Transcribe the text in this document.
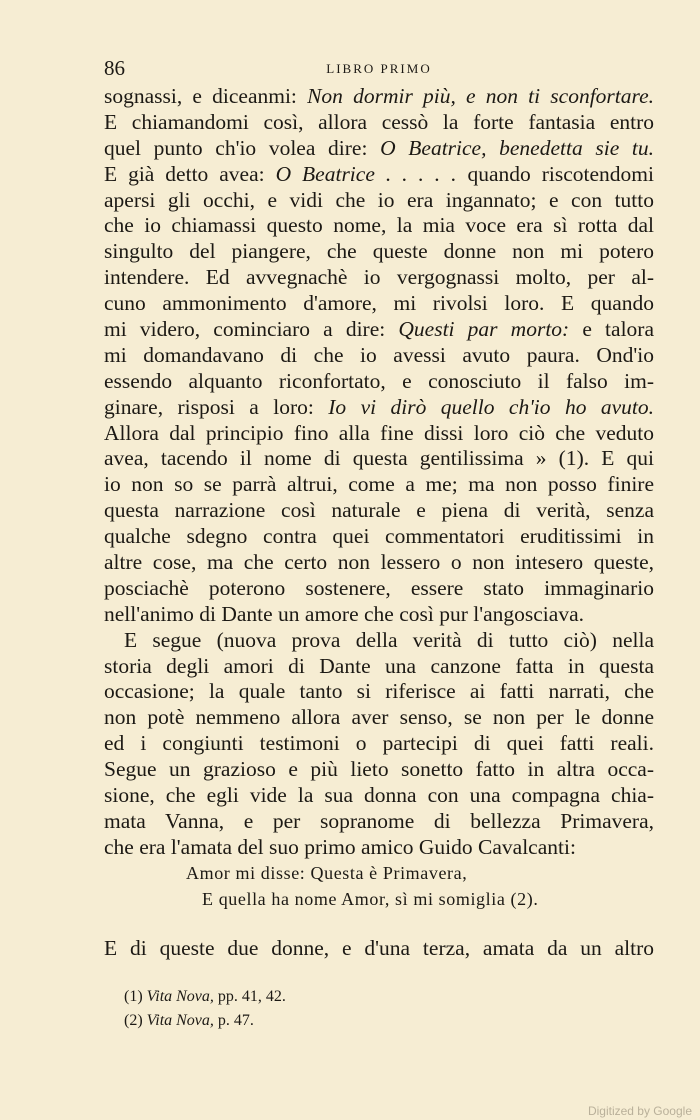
86	LIBRO PRIMO
sognassi, e diceanmi: Non dormir più, e non ti sconfortare.
E chiamandomi così, allora cessò la forte fantasia entro
quel punto ch'io volea dire: O Beatrice, benedetta sie tu.
E già detto avea: O Beatrice . . . . . quando riscotendomi
apersi gli occhi, e vidi che io era ingannato; e con tutto
che io chiamassi questo nome, la mia voce era sì rotta dal
singulto del piangere, che queste donne non mi potero
intendere. Ed avvegnachè io vergognassi molto, per al-
cuno ammonimento d'amore, mi rivolsi loro. E quando
mi videro, cominciaro a dire: Questi par morto: e talora
mi domandavano di che io avessi avuto paura. Ond'io
essendo alquanto riconfortato, e conosciuto il falso im-
ginare, risposi a loro: Io vi dirò quello ch'io ho avuto.
Allora dal principio fino alla fine dissi loro ciò che veduto
avea, tacendo il nome di questa gentilissima » (1). E qui
io non so se parrà altrui, come a me; ma non posso finire
questa narrazione così naturale e piena di verità, senza
qualche sdegno contra quei commentatori eruditissimi in
altre cose, ma che certo non lessero o non intesero queste,
posciachè poterono sostenere, essere stato immaginario
nell'animo di Dante un amore che così pur l'angosciava.
E segue (nuova prova della verità di tutto ciò) nella
storia degli amori di Dante una canzone fatta in questa
occasione; la quale tanto si riferisce ai fatti narrati, che
non potè nemmeno allora aver senso, se non per le donne
ed i congiunti testimoni o partecipi di quei fatti reali.
Segue un grazioso e più lieto sonetto fatto in altra occa-
sione, che egli vide la sua donna con una compagna chia-
mata Vanna, e per sopranome di bellezza Primavera,
che era l'amata del suo primo amico Guido Cavalcanti:
Amor mi disse: Questa è Primavera,
E quella ha nome Amor, sì mi somiglia (2).
E di queste due donne, e d'una terza, amata da un altro
(1) Vita Nova, pp. 41, 42.
(2) Vita Nova, p. 47.
Digitized by Google
